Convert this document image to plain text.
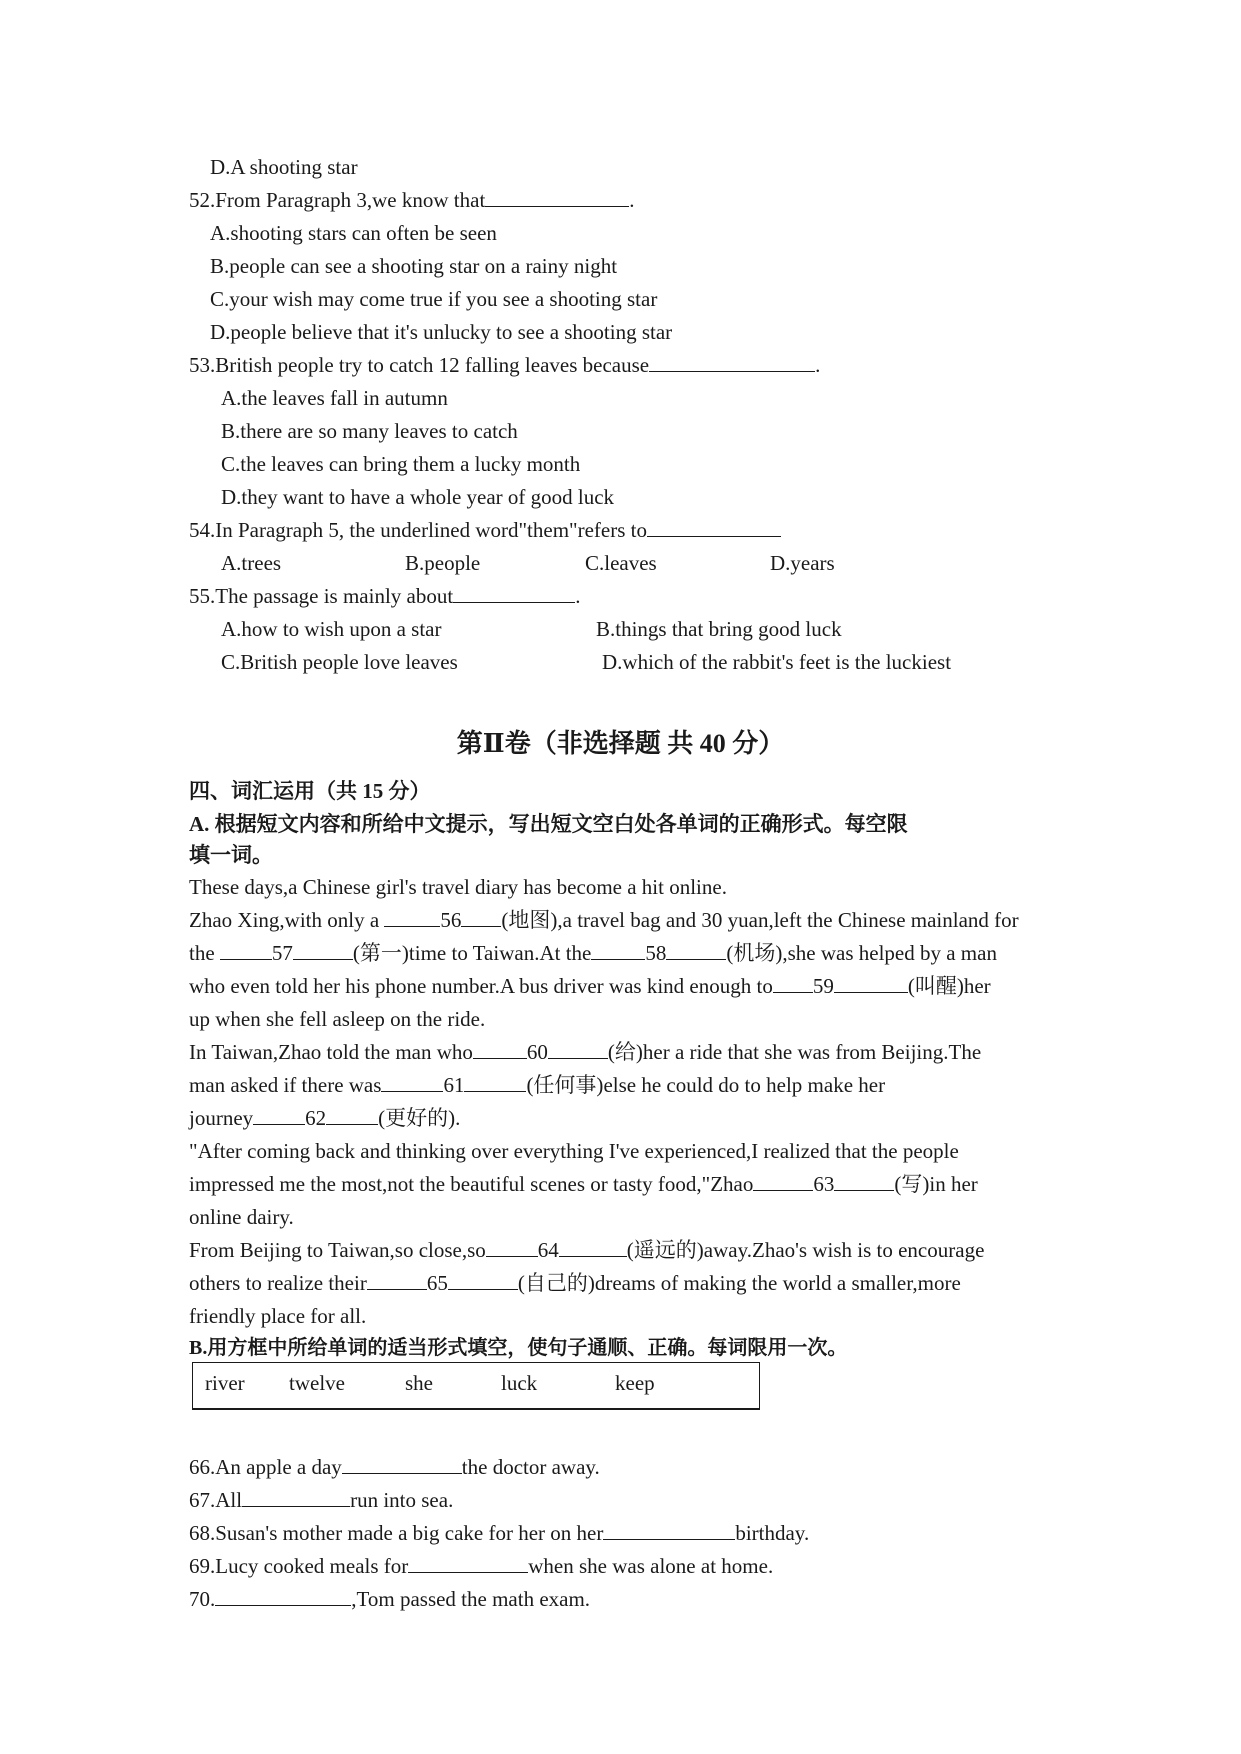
D.A shooting star
52.From Paragraph 3,we know that	.
A.shooting stars can often be seen
B.people can see a shooting star on a rainy night
C.your wish may come true if you see a shooting star
D.people believe that it's unlucky to see a shooting star
53.British people try to catch 12 falling leaves because	.
A.the leaves fall in autumn
B.there are so many leaves to catch
C.the leaves can bring them a lucky month
D.they want to have a whole year of good luck
54.In Paragraph 5, the underlined word"them"refers to
A.trees	B.people	C.leaves	D.years
55.The passage is mainly about	.
A.how to wish upon a star	B.things that bring good luck
C.British people love leaves	D.which of the rabbit's feet is the luckiest
第Ⅱ卷（非选择题 共 40 分）
四、词汇运用（共 15 分）
A. 根据短文内容和所给中文提示，写出短文空白处各单词的正确形式。每空限
填一词。
These days,a Chinese girl's travel diary has become a hit online.
Zhao Xing,with only a	56 (地图),a travel bag and 30 yuan,left the Chinese mainland for
the 57	(第一)time to Taiwan.At the	58	(机场),she was helped by a man
who even told her his phone number.A bus driver was kind enough to 59	(叫醒)her
up when she fell asleep on the ride.
In Taiwan,Zhao told the man who	60	(给)her a ride that she was from Beijing.The
man asked if there was	61	(任何事)else he could do to help make her
journey 62 (更好的).
"After coming back and thinking over everything I've experienced,I realized that the people
impressed me the most,not the beautiful scenes or tasty food,"Zhao	63	(写)in her
online dairy.
From Beijing to Taiwan,so close,so 64	(遥远的)away.Zhao's wish is to encourage
others to realize their	65	(自己的)dreams of making the world a smaller,more
friendly place for all.
B.用方框中所给单词的适当形式填空，使句子通顺、正确。每词限用一次。
river twelve	she	luck	keep
66.An apple a day	the doctor away.
67.All	run into sea.
68.Susan's mother made a big cake for her on her	birthday.
69.Lucy cooked meals for	when she was alone at home.
70.	,Tom passed the math exam.
